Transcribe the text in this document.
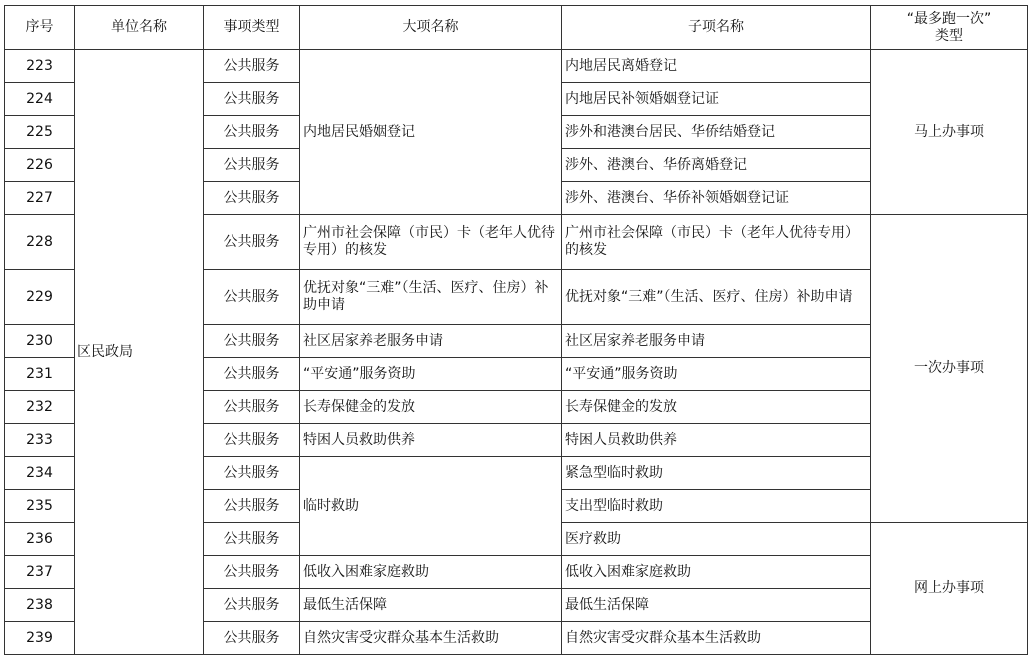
序号	单位名称	事项类型	大项名称	子项名称	“最多跑一次”
类型
223	区民政局	公共服务	内地居民婚姻登记	内地居民离婚登记	马上办事项
224		公共服务		内地居民补领婚姻登记证	
225		公共服务		涉外和港澳台居民、华侨结婚登记	
226		公共服务		涉外、港澳台、华侨离婚登记	
227		公共服务		涉外、港澳台、华侨补领婚姻登记证	
228		公共服务	广州市社会保障（市民）卡（老年人优待专用）的核发	广州市社会保障（市民）卡（老年人优待专用）的核发	一次办事项
229		公共服务	优抚对象“三难”（生活、医疗、住房）补助申请	优抚对象“三难”（生活、医疗、住房）补助申请	
230		公共服务	社区居家养老服务申请	社区居家养老服务申请	
231		公共服务	“平安通”服务资助	“平安通”服务资助	
232		公共服务	长寿保健金的发放	长寿保健金的发放	
233		公共服务	特困人员救助供养	特困人员救助供养	
234		公共服务	临时救助	紧急型临时救助	
235		公共服务		支出型临时救助	
236		公共服务		医疗救助	网上办事项
237		公共服务	低收入困难家庭救助	低收入困难家庭救助	
238		公共服务	最低生活保障	最低生活保障	
239		公共服务	自然灾害受灾群众基本生活救助	自然灾害受灾群众基本生活救助	
